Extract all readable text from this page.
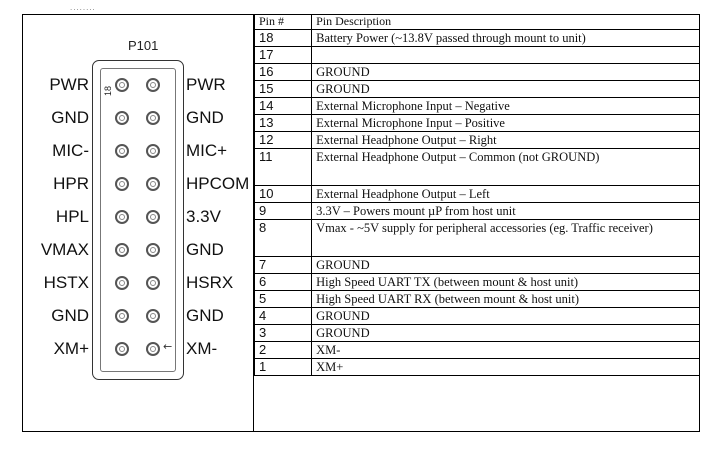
........
P101
18
PWR	PWR
GND	GND
MIC-	MIC+
HPR	HPCOM
HPL	3.3V
VMAX	GND
HSTX	HSRX
GND	GND
XM+	XM-
←
Pin #	Pin Description
18	Battery Power (~13.8V passed through mount to unit)
17	
16	GROUND
15	GROUND
14	External Microphone Input – Negative
13	External Microphone Input – Positive
12	External Headphone Output – Right
11	External Headphone Output – Common (not GROUND)
10	External Headphone Output – Left
9	3.3V – Powers mount µP from host unit
8	Vmax - ~5V supply for peripheral accessories (eg. Traffic receiver)
7	GROUND
6	High Speed UART TX (between mount & host unit)
5	High Speed UART RX (between mount & host unit)
4	GROUND
3	GROUND
2	XM-
1	XM+
